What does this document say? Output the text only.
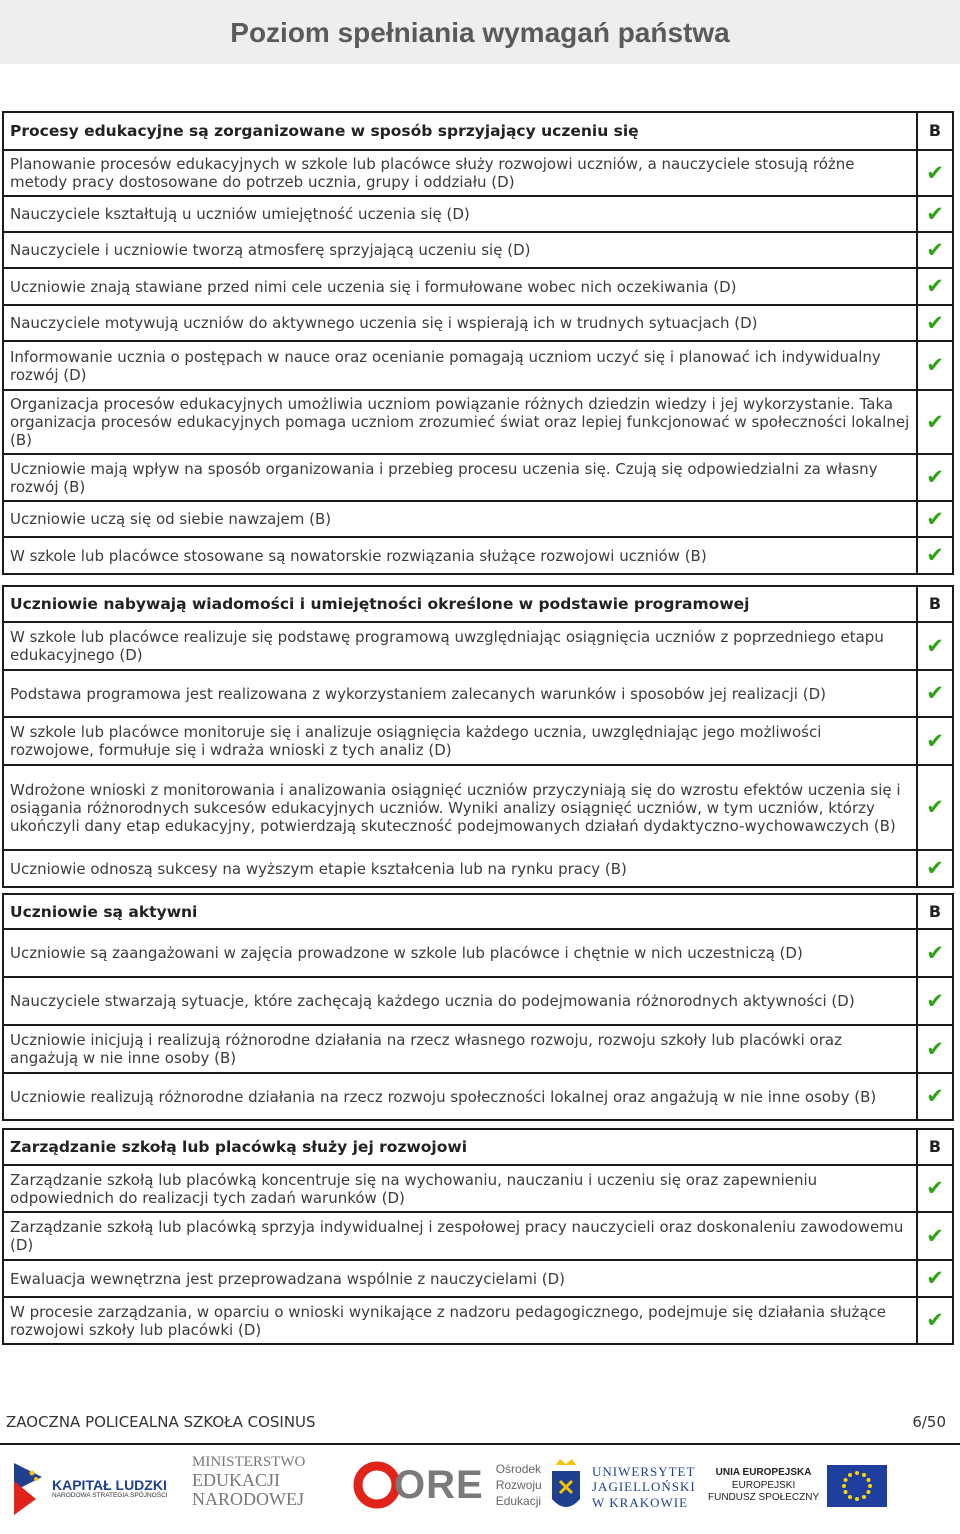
Poziom spełniania wymagań państwa
Procesy edukacyjne są zorganizowane w sposób sprzyjający uczeniu się	B
Planowanie procesów edukacyjnych w szkole lub placówce służy rozwojowi uczniów, a nauczyciele stosują różne metody pracy dostosowane do potrzeb ucznia, grupy i oddziału (D)	✔
Nauczyciele kształtują u uczniów umiejętność uczenia się (D)	✔
Nauczyciele i uczniowie tworzą atmosferę sprzyjającą uczeniu się (D)	✔
Uczniowie znają stawiane przed nimi cele uczenia się i formułowane wobec nich oczekiwania (D)	✔
Nauczyciele motywują uczniów do aktywnego uczenia się i wspierają ich w trudnych sytuacjach (D)	✔
Informowanie ucznia o postępach w nauce oraz ocenianie pomagają uczniom uczyć się i planować ich indywidualny rozwój (D)	✔
Organizacja procesów edukacyjnych umożliwia uczniom powiązanie różnych dziedzin wiedzy i jej wykorzystanie. Taka organizacja procesów edukacyjnych pomaga uczniom zrozumieć świat oraz lepiej funkcjonować w społeczności lokalnej (B)	✔
Uczniowie mają wpływ na sposób organizowania i przebieg procesu uczenia się. Czują się odpowiedzialni za własny rozwój (B)	✔
Uczniowie uczą się od siebie nawzajem (B)	✔
W szkole lub placówce stosowane są nowatorskie rozwiązania służące rozwojowi uczniów (B)	✔
Uczniowie nabywają wiadomości i umiejętności określone w podstawie programowej	B
W szkole lub placówce realizuje się podstawę programową uwzględniając osiągnięcia uczniów z poprzedniego etapu edukacyjnego (D)	✔
Podstawa programowa jest realizowana z wykorzystaniem zalecanych warunków i sposobów jej realizacji (D)	✔
W szkole lub placówce monitoruje się i analizuje osiągnięcia każdego ucznia, uwzględniając jego możliwości rozwojowe, formułuje się i wdraża wnioski z tych analiz (D)	✔
Wdrożone wnioski z monitorowania i analizowania osiągnięć uczniów przyczyniają się do wzrostu efektów uczenia się i osiągania różnorodnych sukcesów edukacyjnych uczniów. Wyniki analizy osiągnięć uczniów, w tym uczniów, którzy ukończyli dany etap edukacyjny, potwierdzają skuteczność podejmowanych działań dydaktyczno-wychowawczych (B)	✔
Uczniowie odnoszą sukcesy na wyższym etapie kształcenia lub na rynku pracy (B)	✔
Uczniowie są aktywni	B
Uczniowie są zaangażowani w zajęcia prowadzone w szkole lub placówce i chętnie w nich uczestniczą (D)	✔
Nauczyciele stwarzają sytuacje, które zachęcają każdego ucznia do podejmowania różnorodnych aktywności (D)	✔
Uczniowie inicjują i realizują różnorodne działania na rzecz własnego rozwoju, rozwoju szkoły lub placówki oraz angażują w nie inne osoby (B)	✔
Uczniowie realizują różnorodne działania na rzecz rozwoju społeczności lokalnej oraz angażują w nie inne osoby (B)	✔
Zarządzanie szkołą lub placówką służy jej rozwojowi	B
Zarządzanie szkołą lub placówką koncentruje się na wychowaniu, nauczaniu i uczeniu się oraz zapewnieniu odpowiednich do realizacji tych zadań warunków (D)	✔
Zarządzanie szkołą lub placówką sprzyja indywidualnej i zespołowej pracy nauczycieli oraz doskonaleniu zawodowemu (D)	✔
Ewaluacja wewnętrzna jest przeprowadzana wspólnie z nauczycielami (D)	✔
W procesie zarządzania, w oparciu o wnioski wynikające z nadzoru pedagogicznego, podejmuje się działania służące rozwojowi szkoły lub placówki (D)	✔
ZAOCZNA POLICEALNA SZKOŁA COSINUS	6/50
KAPITAŁ LUDZKI
NARODOWA STRATEGIA SPÓJNOŚCI
MINISTERSTWO
EDUKACJI
NARODOWEJ ORE Ośrodek
Rozwoju
Edukacji
UNIWERSYTET
JAGIELLOŃSKI
W KRAKOWIE
UNIA EUROPEJSKA
EUROPEJSKI
FUNDUSZ SPOŁECZNY
